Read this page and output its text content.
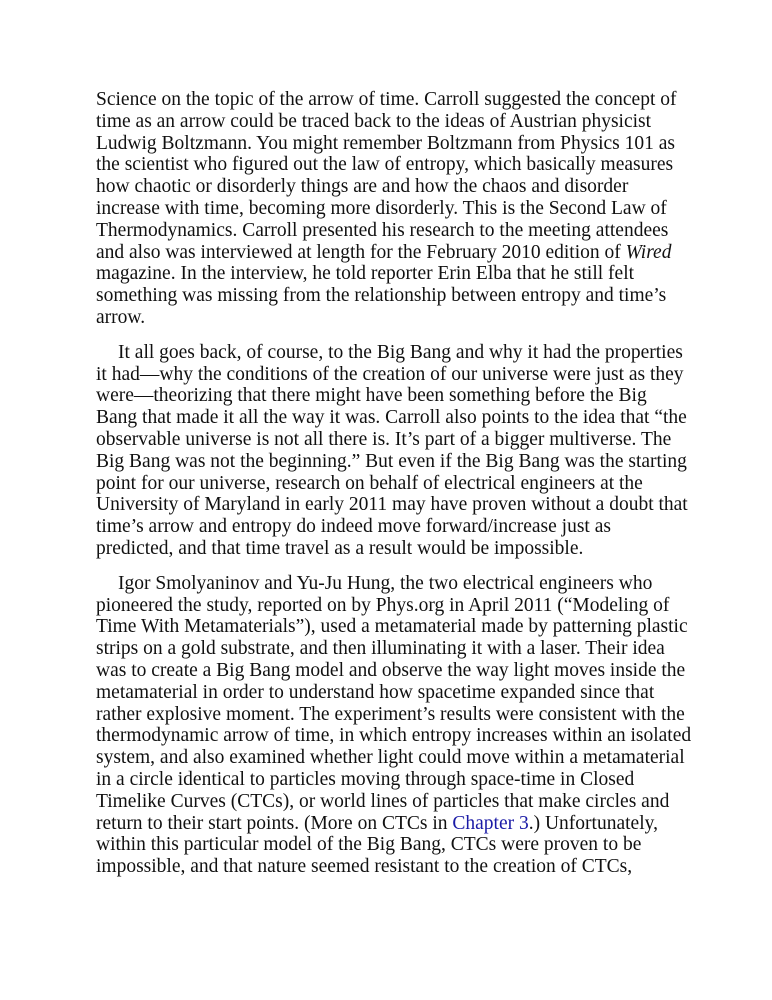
Science on the topic of the arrow of time. Carroll suggested the concept of
time as an arrow could be traced back to the ideas of Austrian physicist
Ludwig Boltzmann. You might remember Boltzmann from Physics 101 as
the scientist who figured out the law of entropy, which basically measures
how chaotic or disorderly things are and how the chaos and disorder
increase with time, becoming more disorderly. This is the Second Law of
Thermodynamics. Carroll presented his research to the meeting attendees
and also was interviewed at length for the February 2010 edition of Wired
magazine. In the interview, he told reporter Erin Elba that he still felt
something was missing from the relationship between entropy and time’s
arrow.
It all goes back, of course, to the Big Bang and why it had the properties
it had—why the conditions of the creation of our universe were just as they
were—theorizing that there might have been something before the Big
Bang that made it all the way it was. Carroll also points to the idea that “the
observable universe is not all there is. It’s part of a bigger multiverse. The
Big Bang was not the beginning.” But even if the Big Bang was the starting
point for our universe, research on behalf of electrical engineers at the
University of Maryland in early 2011 may have proven without a doubt that
time’s arrow and entropy do indeed move forward/increase just as
predicted, and that time travel as a result would be impossible.
Igor Smolyaninov and Yu-Ju Hung, the two electrical engineers who
pioneered the study, reported on by Phys.org in April 2011 (“Modeling of
Time With Metamaterials”), used a metamaterial made by patterning plastic
strips on a gold substrate, and then illuminating it with a laser. Their idea
was to create a Big Bang model and observe the way light moves inside the
metamaterial in order to understand how spacetime expanded since that
rather explosive moment. The experiment’s results were consistent with the
thermodynamic arrow of time, in which entropy increases within an isolated
system, and also examined whether light could move within a metamaterial
in a circle identical to particles moving through space-time in Closed
Timelike Curves (CTCs), or world lines of particles that make circles and
return to their start points. (More on CTCs in Chapter 3.) Unfortunately,
within this particular model of the Big Bang, CTCs were proven to be
impossible, and that nature seemed resistant to the creation of CTCs,
